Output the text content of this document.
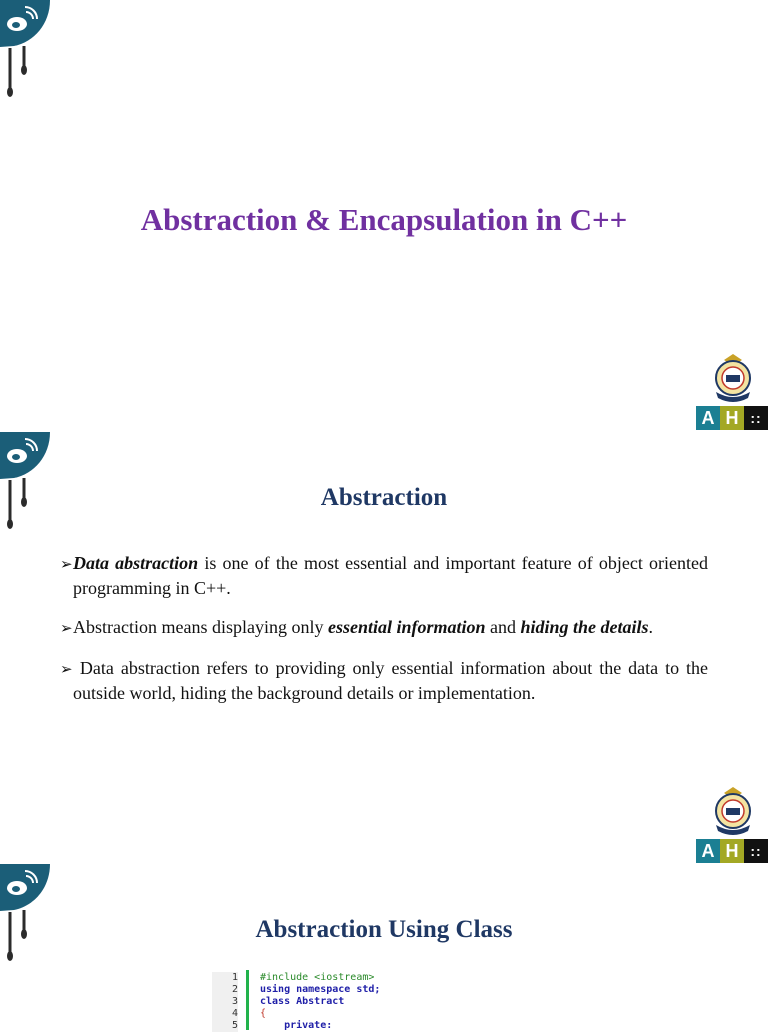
Abstraction & Encapsulation in C++
A H ::
Abstraction
➢Data abstraction is one of the most essential and important feature of object oriented programming in C++.
➢Abstraction means displaying only essential information and hiding the details.
➢ Data abstraction refers to providing only essential information about the data to the outside world, hiding the background details or implementation.
A H ::
Abstraction Using Class
1
2
3
4
5
#include <iostream>
using namespace std;
class Abstract
{
private:
